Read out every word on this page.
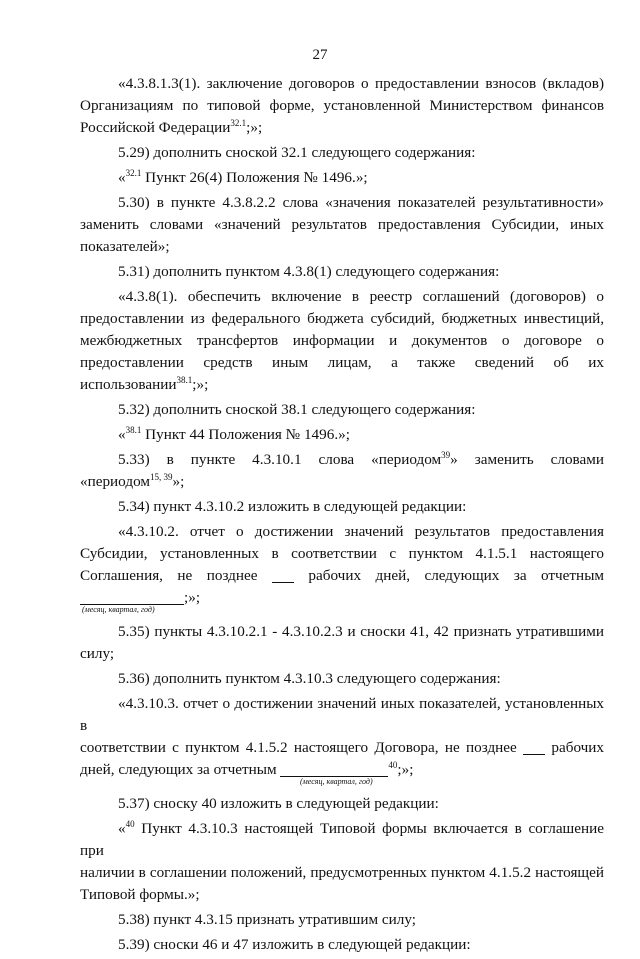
27
«4.3.8.1.3(1). заключение договоров о предоставлении взносов (вкладов)
Организациям по типовой форме, установленной Министерством финансов
Российской Федерации$^{32.1}$;»;
5.29) дополнить сноской 32.1 следующего содержания:
«$^{32.1}$ Пункт 26(4) Положения № 1496.»;
5.30) в пункте 4.3.8.2.2 слова «значения показателей результативности»
заменить словами «значений результатов предоставления Субсидии, иных
показателей»;
5.31) дополнить пунктом 4.3.8(1) следующего содержания:
«4.3.8(1). обеспечить включение в реестр соглашений (договоров) о
предоставлении из федерального бюджета субсидий, бюджетных инвестиций,
межбюджетных трансфертов информации и документов о договоре о
предоставлении средств иным лицам, а также сведений об их
использовании$^{38.1}$;»;
5.32) дополнить сноской 38.1 следующего содержания:
«$^{38.1}$ Пункт 44 Положения № 1496.»;
5.33) в пункте 4.3.10.1 слова «периодом$^{39}$» заменить словами
«периодом$^{15, 39}$»;
5.34) пункт 4.3.10.2 изложить в следующей редакции:
«4.3.10.2. отчет о достижении значений результатов предоставления
Субсидии, установленных в соответствии с пунктом 4.1.5.1 настоящего
Соглашения, не позднее	рабочих дней, следующих за отчетным
;»;
(месяц, квартал, год)
5.35) пункты 4.3.10.2.1 - 4.3.10.2.3 и сноски 41, 42 признать утратившими
силу;
5.36) дополнить пунктом 4.3.10.3 следующего содержания:
«4.3.10.3. отчет о достижении значений иных показателей, установленных в
соответствии с пунктом 4.1.5.2 настоящего Договора, не позднее рабочих
дней, следующих за отчетным	$^{40}$;»;
(месяц, квартал, год)
5.37) сноску 40 изложить в следующей редакции:
«$^{40}$ Пункт 4.3.10.3 настоящей Типовой формы включается в соглашение при
наличии в соглашении положений, предусмотренных пунктом 4.1.5.2 настоящей
Типовой формы.»;
5.38) пункт 4.3.15 признать утратившим силу;
5.39) сноски 46 и 47 изложить в следующей редакции:
